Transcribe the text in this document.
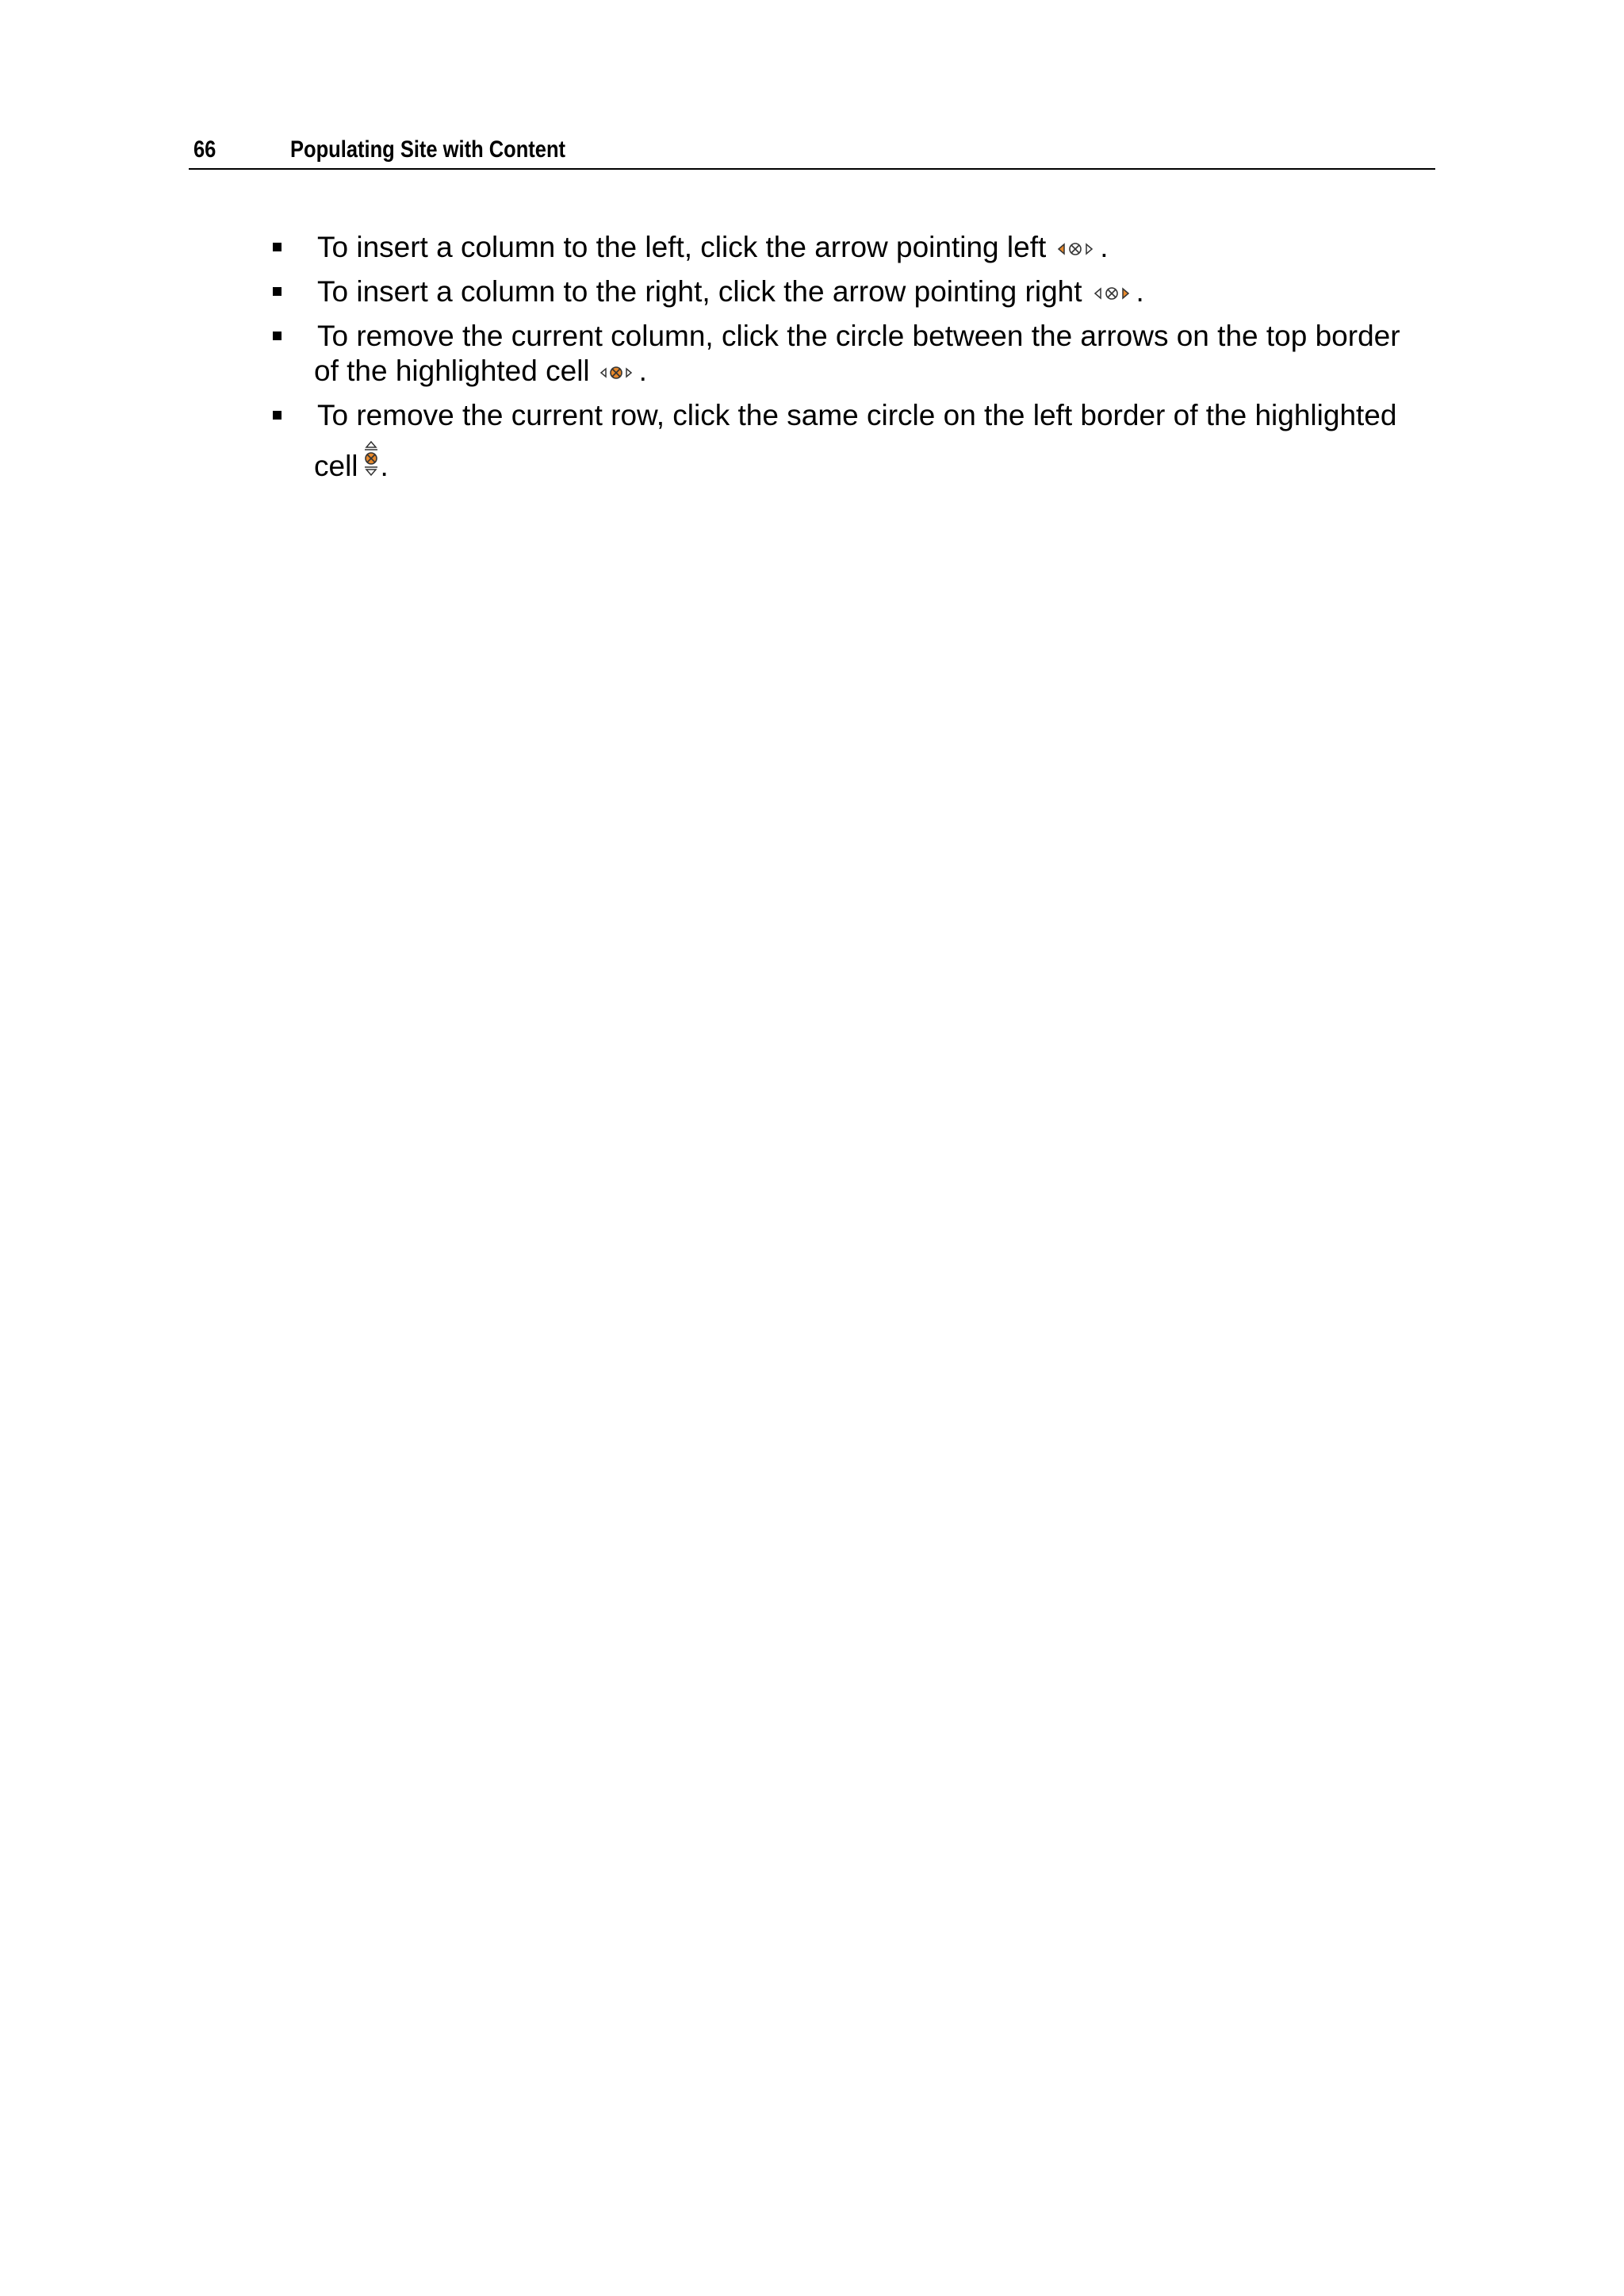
66	Populating Site with Content
To insert a column to the left, click the arrow pointing left .
To insert a column to the right, click the arrow pointing right .
To remove the current column, click the circle between the arrows on the top border
of the highlighted cell .
To remove the current row, click the same circle on the left border of the highlighted
cell .
